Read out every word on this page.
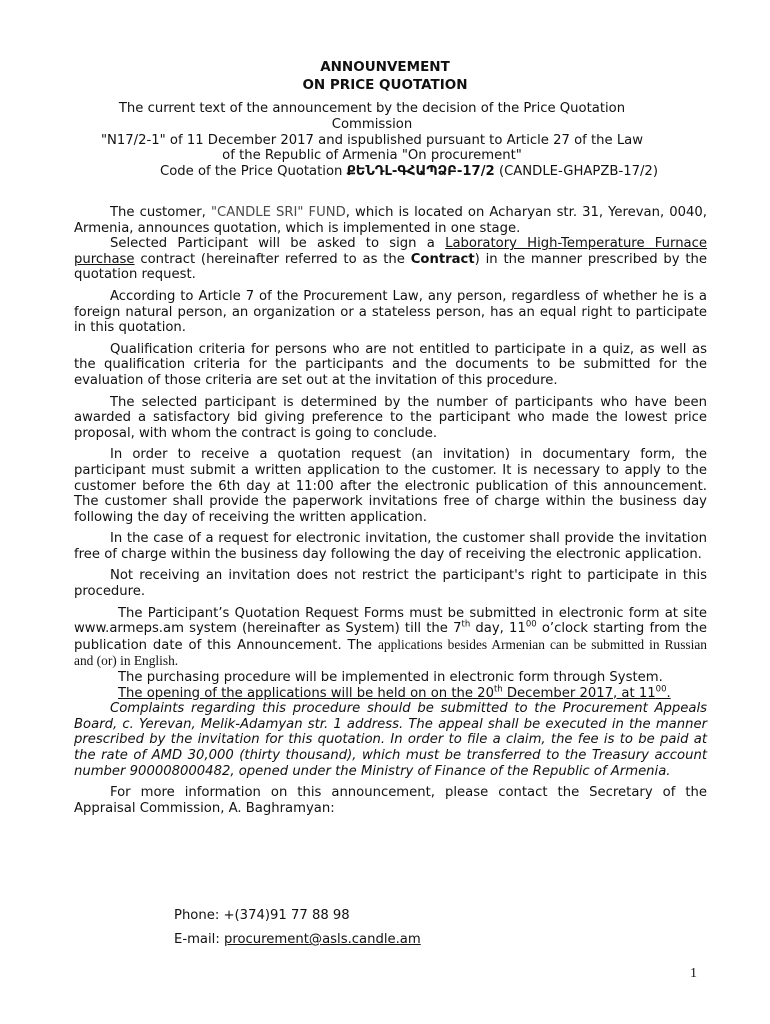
ANNOUNVEMENT
ON PRICE QUOTATION
The current text of the announcement by the decision of the Price Quotation
Commission
"N17/2-1" of 11 December 2017 and ispublished pursuant to Article 27 of the Law
of the Republic of Armenia "On procurement"
Code of the Price Quotation ՔԵՆԴԼ-ԳՀԱՊՁԲ-17/2 (CANDLE-GHAPZB-17/2)

The customer, "CANDLE SRI" FUND, which is located on Acharyan str. 31, Yerevan, 0040, Armenia, announces quotation, which is implemented in one stage.

Selected Participant will be asked to sign a Laboratory High-Temperature Furnace purchase contract (hereinafter referred to as the Contract) in the manner prescribed by the quotation request.

According to Article 7 of the Procurement Law, any person, regardless of whether he is a foreign natural person, an organization or a stateless person, has an equal right to participate in this quotation.

Qualification criteria for persons who are not entitled to participate in a quiz, as well as the qualification criteria for the participants and the documents to be submitted for the evaluation of those criteria are set out at the invitation of this procedure.

The selected participant is determined by the number of participants who have been awarded a satisfactory bid giving preference to the participant who made the lowest price proposal, with whom the contract is going to conclude.

In order to receive a quotation request (an invitation) in documentary form, the participant must submit a written application to the customer. It is necessary to apply to the customer before the 6th day at 11:00 after the electronic publication of this announcement. The customer shall provide the paperwork invitations free of charge within the business day following the day of receiving the written application.

In the case of a request for electronic invitation, the customer shall provide the invitation free of charge within the business day following the day of receiving the electronic application.

Not receiving an invitation does not restrict the participant's right to participate in this procedure.

The Participant’s Quotation Request Forms must be submitted in electronic form at site www.armeps.am system (hereinafter as System) till the 7th day, $11^{00}$ o’clock starting from the publication date of this Announcement. The applications besides Armenian can be submitted in Russian and (or) in English.

The purchasing procedure will be implemented in electronic form through System.

The opening of the applications will be held on on the 20th December 2017, at $11^{00}$.

Complaints regarding this procedure should be submitted to the Procurement Appeals Board, c. Yerevan, Melik-Adamyan str. 1 address. The appeal shall be executed in the manner prescribed by the invitation for this quotation. In order to file a claim, the fee is to be paid at the rate of AMD 30,000 (thirty thousand), which must be transferred to the Treasury account number 900008000482, opened under the Ministry of Finance of the Republic of Armenia.

For more information on this announcement, please contact the Secretary of the Appraisal Commission, A. Baghramyan:

Phone: +(374)91 77 88 98
E-mail: procurement@asls.candle.am
1
